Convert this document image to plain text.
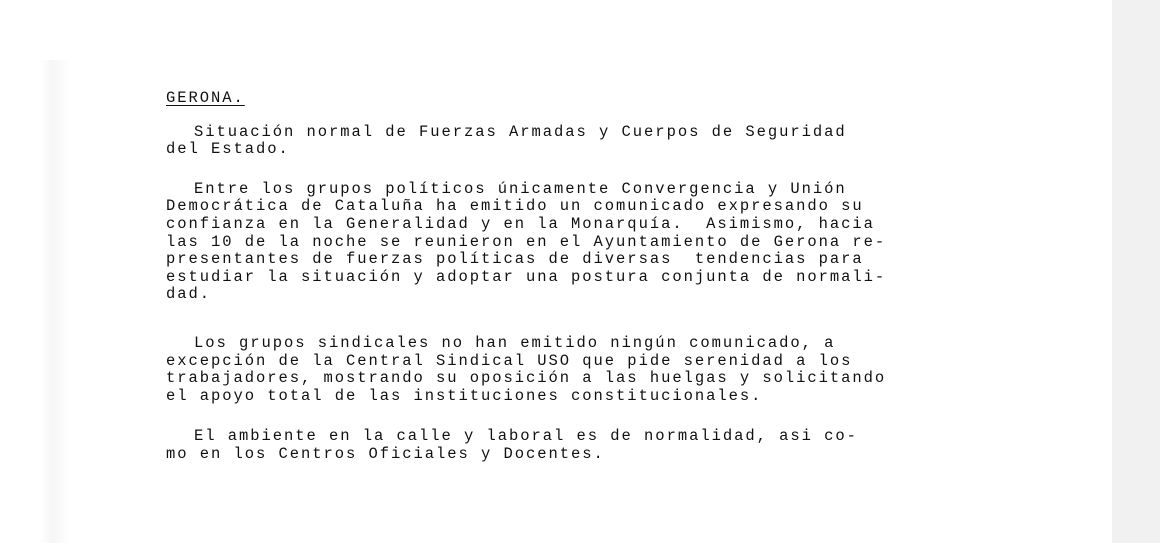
GERONA.
Situación normal de Fuerzas Armadas y Cuerpos de Seguridad
del Estado.
Entre los grupos políticos únicamente Convergencia y Unión
Democrática de Cataluña ha emitido un comunicado expresando su
confianza en la Generalidad y en la Monarquía.  Asimismo, hacia
las 10 de la noche se reunieron en el Ayuntamiento de Gerona re-
presentantes de fuerzas políticas de diversas  tendencias para
estudiar la situación y adoptar una postura conjunta de normali-
dad.
Los grupos sindicales no han emitido ningún comunicado, a
excepción de la Central Sindical USO que pide serenidad a los
trabajadores, mostrando su oposición a las huelgas y solicitando
el apoyo total de las instituciones constitucionales.
El ambiente en la calle y laboral es de normalidad, asi co-
mo en los Centros Oficiales y Docentes.
